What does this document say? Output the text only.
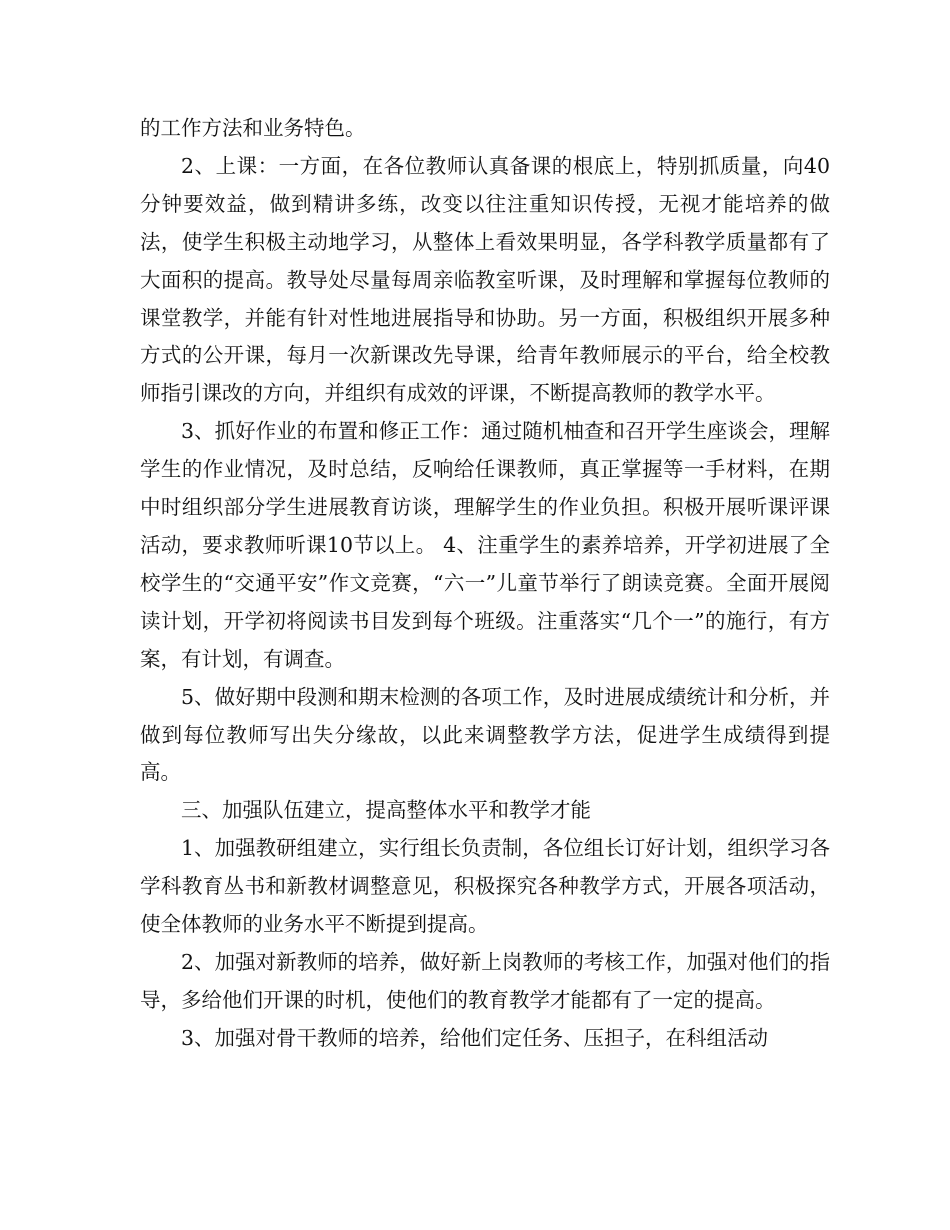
的工作方法和业务特色。

2、上课：一方面，在各位教师认真备课的根底上，特别抓质量，向40分钟要效益，做到精讲多练，改变以往注重知识传授，无视才能培养的做法，使学生积极主动地学习，从整体上看效果明显，各学科教学质量都有了大面积的提高。教导处尽量每周亲临教室听课，及时理解和掌握每位教师的课堂教学，并能有针对性地进展指导和协助。另一方面，积极组织开展多种方式的公开课，每月一次新课改先导课，给青年教师展示的平台，给全校教师指引课改的方向，并组织有成效的评课，不断提高教师的教学水平。

3、抓好作业的布置和修正工作：通过随机柚查和召开学生座谈会，理解学生的作业情况，及时总结，反响给任课教师，真正掌握等一手材料，在期中时组织部分学生进展教育访谈，理解学生的作业负担。积极开展听课评课活动，要求教师听课10节以上。 4、注重学生的素养培养，开学初进展了全校学生的“交通平安”作文竞赛，“六一”儿童节举行了朗读竞赛。全面开展阅读计划，开学初将阅读书目发到每个班级。注重落实“几个一”的施行，有方案，有计划，有调查。

5、做好期中段测和期末检测的各项工作，及时进展成绩统计和分析，并做到每位教师写出失分缘故，以此来调整教学方法，促进学生成绩得到提高。

三、加强队伍建立，提高整体水平和教学才能

1、加强教研组建立，实行组长负责制，各位组长订好计划，组织学习各学科教育丛书和新教材调整意见，积极探究各种教学方式，开展各项活动，使全体教师的业务水平不断提到提高。

2、加强对新教师的培养，做好新上岗教师的考核工作，加强对他们的指导，多给他们开课的时机，使他们的教育教学才能都有了一定的提高。

3、加强对骨干教师的培养，给他们定任务、压担子，在科组活动
